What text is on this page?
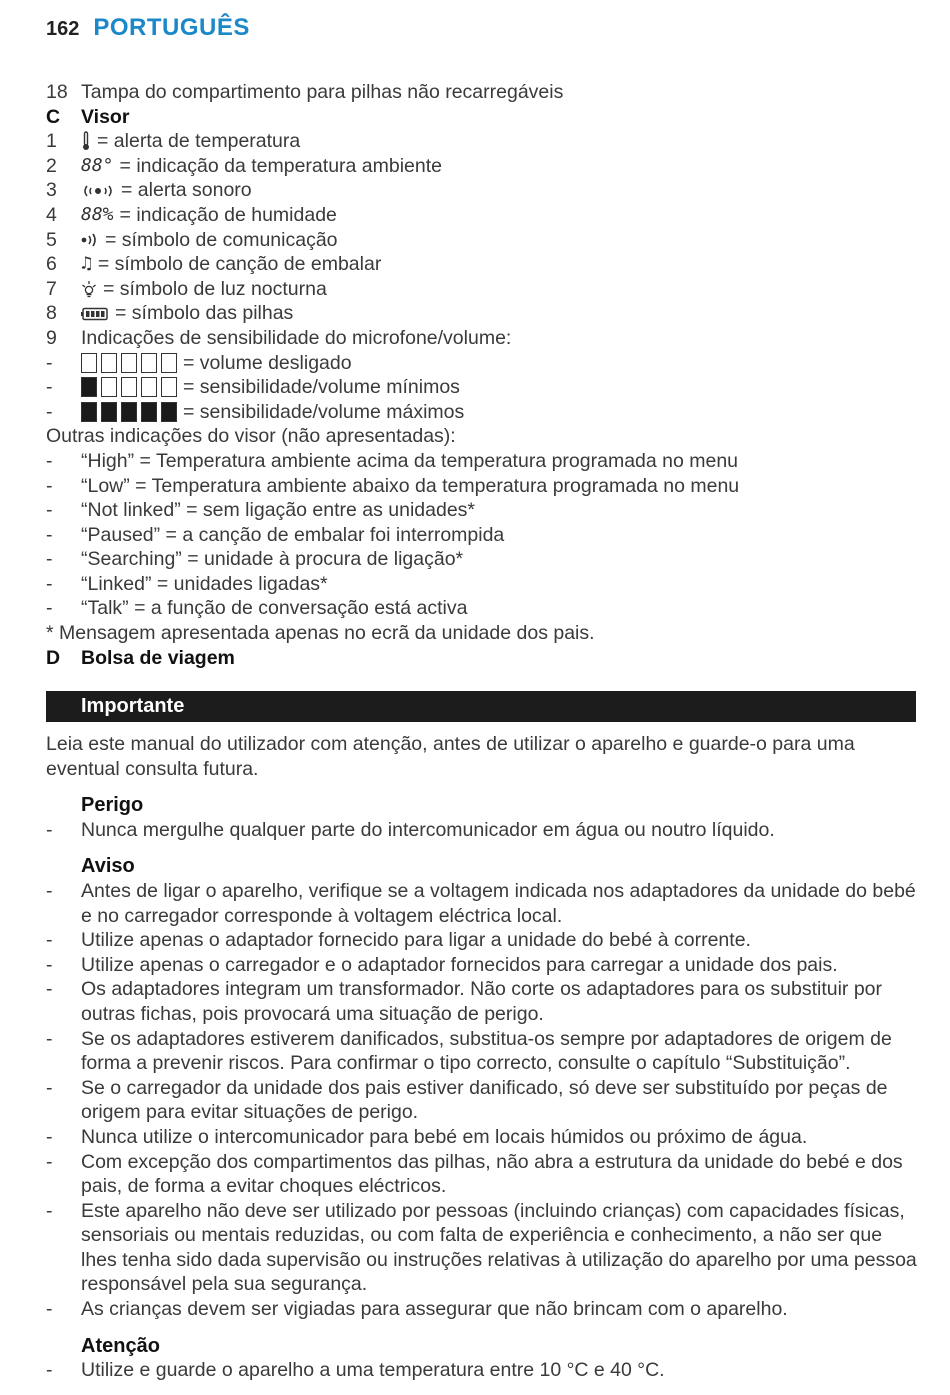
162 PORTUGUÊS
18 Tampa do compartimento para pilhas não recarregáveis
C	Visor
1	= alerta de temperatura
2	88° = indicação da temperatura ambiente
3	= alerta sonoro
4	88% = indicação de humidade
5	= símbolo de comunicação
6	♫ = símbolo de canção de embalar
7	= símbolo de luz nocturna
8	= símbolo das pilhas
9	Indicações de sensibilidade do microfone/volume:
-	= volume desligado
-	= sensibilidade/volume mínimos
-	= sensibilidade/volume máximos
Outras indicações do visor (não apresentadas):
-	“High” = Temperatura ambiente acima da temperatura programada no menu
-	“Low” = Temperatura ambiente abaixo da temperatura programada no menu
-	“Not linked” = sem ligação entre as unidades*
-	“Paused” = a canção de embalar foi interrompida
-	“Searching” = unidade à procura de ligação*
-	“Linked” = unidades ligadas*
-	“Talk” = a função de conversação está activa
* Mensagem apresentada apenas no ecrã da unidade dos pais.
D	Bolsa de viagem
Importante

Leia este manual do utilizador com atenção, antes de utilizar o aparelho e guarde-o para uma eventual consulta futura.

Perigo

- Nunca mergulhe qualquer parte do intercomunicador em água ou noutro líquido.

Aviso

- Antes de ligar o aparelho, verifique se a voltagem indicada nos adaptadores da unidade do bebé e no carregador corresponde à voltagem eléctrica local.

- Utilize apenas o adaptador fornecido para ligar a unidade do bebé à corrente.

- Utilize apenas o carregador e o adaptador fornecidos para carregar a unidade dos pais.

- Os adaptadores integram um transformador. Não corte os adaptadores para os substituir por outras fichas, pois provocará uma situação de perigo.

- Se os adaptadores estiverem danificados, substitua-os sempre por adaptadores de origem de forma a prevenir riscos. Para confirmar o tipo correcto, consulte o capítulo “Substituição”.

- Se o carregador da unidade dos pais estiver danificado, só deve ser substituído por peças de origem para evitar situações de perigo.

- Nunca utilize o intercomunicador para bebé em locais húmidos ou próximo de água.

- Com excepção dos compartimentos das pilhas, não abra a estrutura da unidade do bebé e dos pais, de forma a evitar choques eléctricos.

- Este aparelho não deve ser utilizado por pessoas (incluindo crianças) com capacidades físicas, sensoriais ou mentais reduzidas, ou com falta de experiência e conhecimento, a não ser que lhes tenha sido dada supervisão ou instruções relativas à utilização do aparelho por uma pessoa responsável pela sua segurança.

- As crianças devem ser vigiadas para assegurar que não brincam com o aparelho.

Atenção

- Utilize e guarde o aparelho a uma temperatura entre 10 °C e 40 °C.
